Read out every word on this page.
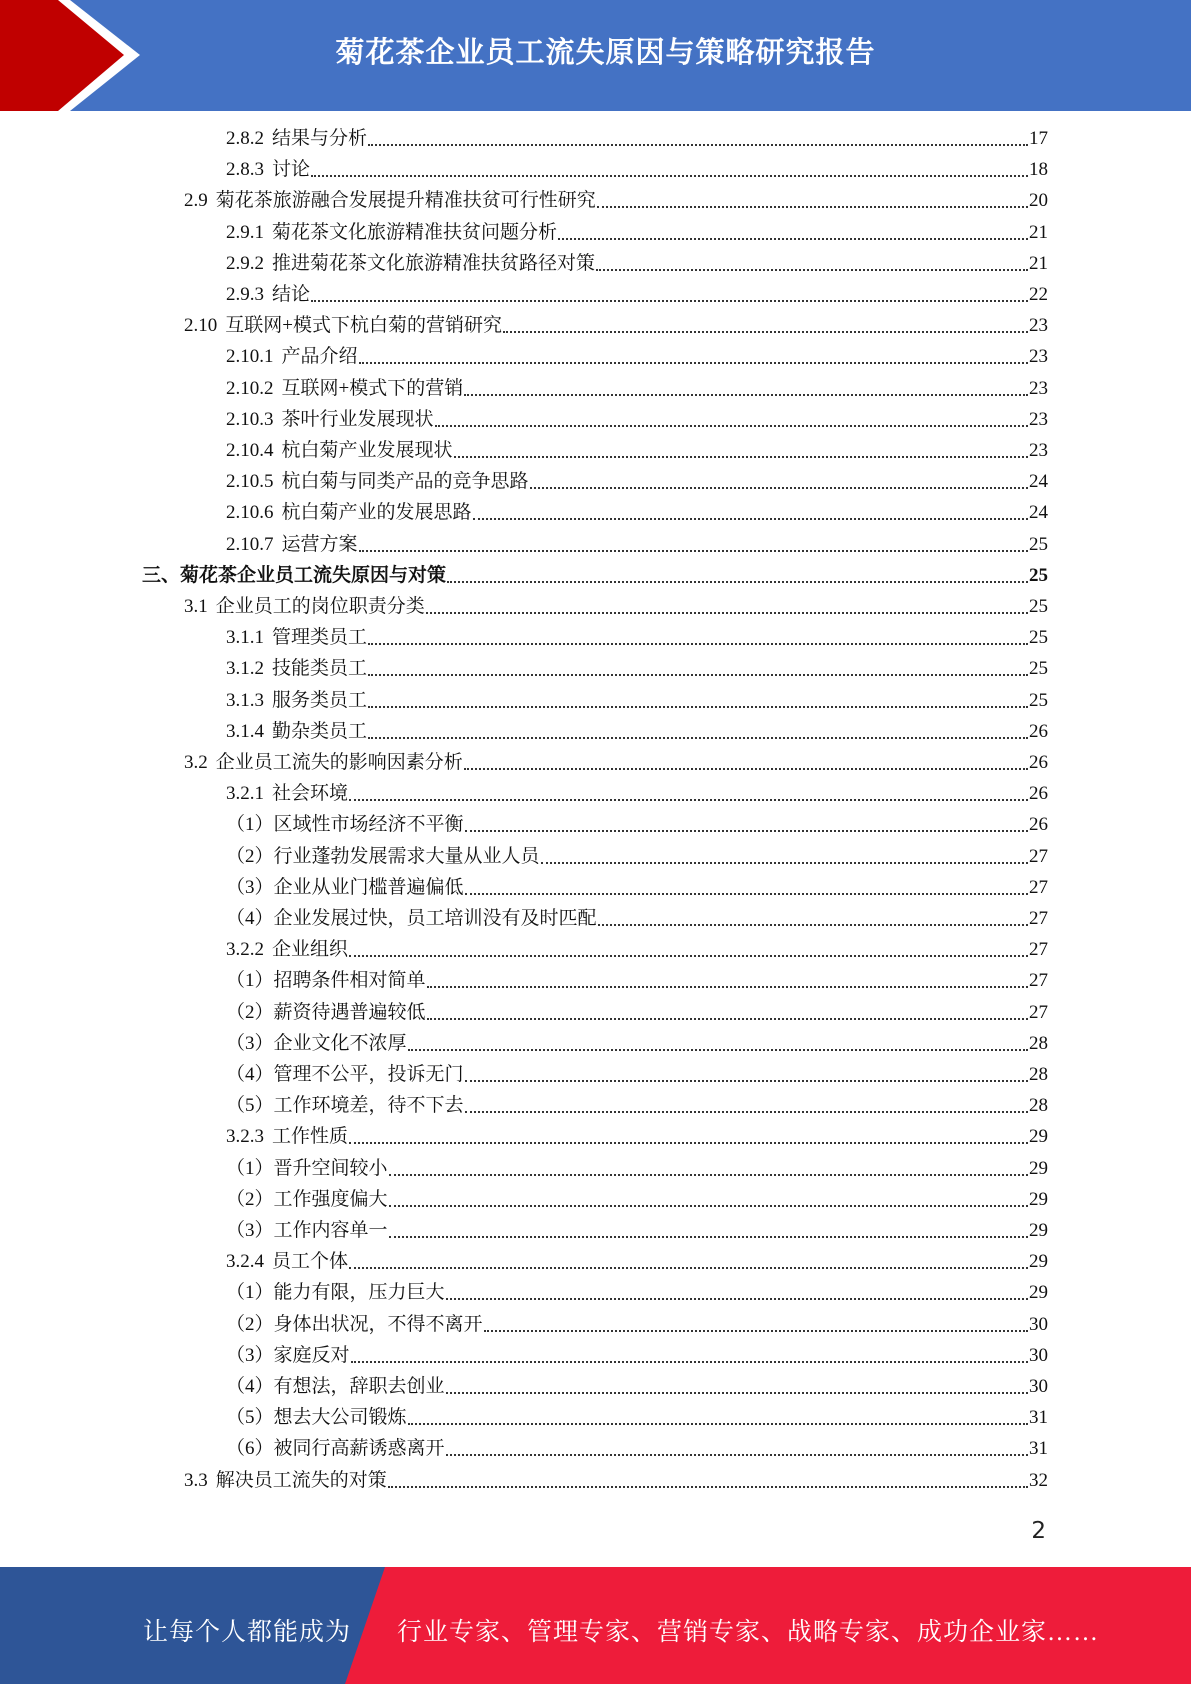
菊花茶企业员工流失原因与策略研究报告
2.8.2 结果与分析	17
2.8.3 讨论	18
2.9 菊花茶旅游融合发展提升精准扶贫可行性研究	20
2.9.1 菊花茶文化旅游精准扶贫问题分析	21
2.9.2 推进菊花茶文化旅游精准扶贫路径对策	21
2.9.3 结论	22
2.10 互联网+模式下杭白菊的营销研究	23
2.10.1 产品介绍	23
2.10.2 互联网+模式下的营销	23
2.10.3 茶叶行业发展现状	23
2.10.4 杭白菊产业发展现状	23
2.10.5 杭白菊与同类产品的竞争思路	24
2.10.6 杭白菊产业的发展思路	24
2.10.7 运营方案	25
三、菊花茶企业员工流失原因与对策	25
3.1 企业员工的岗位职责分类	25
3.1.1 管理类员工	25
3.1.2 技能类员工	25
3.1.3 服务类员工	25
3.1.4 勤杂类员工	26
3.2 企业员工流失的影响因素分析	26
3.2.1 社会环境	26
（1）区域性市场经济不平衡	26
（2）行业蓬勃发展需求大量从业人员	27
（3）企业从业门槛普遍偏低	27
（4）企业发展过快，员工培训没有及时匹配	27
3.2.2 企业组织	27
（1）招聘条件相对简单	27
（2）薪资待遇普遍较低	27
（3）企业文化不浓厚	28
（4）管理不公平，投诉无门	28
（5）工作环境差，待不下去	28
3.2.3 工作性质	29
（1）晋升空间较小	29
（2）工作强度偏大	29
（3）工作内容单一	29
3.2.4 员工个体	29
（1）能力有限，压力巨大	29
（2）身体出状况，不得不离开	30
（3）家庭反对	30
（4）有想法，辞职去创业	30
（5）想去大公司锻炼	31
（6）被同行高薪诱惑离开	31
3.3 解决员工流失的对策	32
2
让每个人都能成为 行业专家、管理专家、营销专家、战略专家、成功企业家……
